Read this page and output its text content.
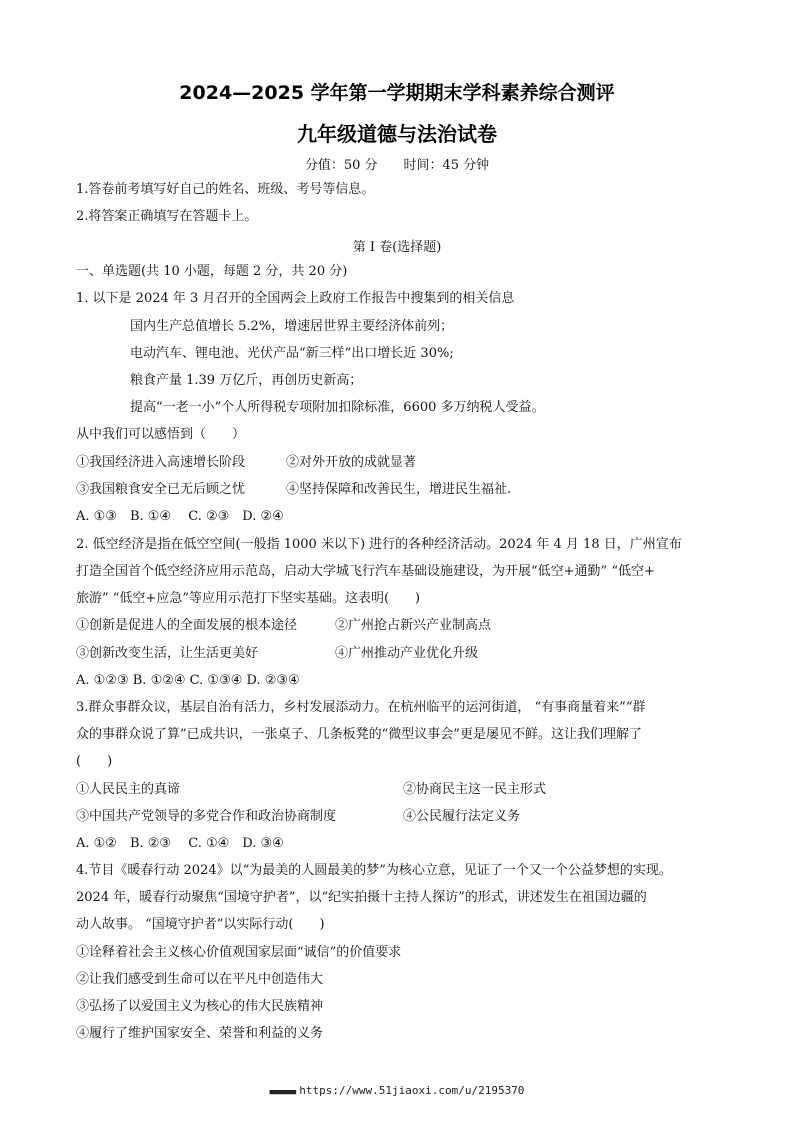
2024—2025 学年第一学期期末学科素养综合测评
九年级道德与法治试卷
分值：50 分　　时间：45 分钟
1.答卷前考填写好自己的姓名、班级、考号等信息。
2.将答案正确填写在答题卡上。
第 I 卷(选择题)
一、单选题(共 10 小题，每题 2 分，共 20 分)
1. 以下是 2024 年 3 月召开的全国两会上政府工作报告中搜集到的相关信息
国内生产总值增长 5.2%，增速居世界主要经济体前列；
电动汽车、锂电池、光伏产品“新三样”出口增长近 30%;
粮食产量 1.39 万亿斤，再创历史新高；
提高“一老一小”个人所得税专项附加扣除标准，6600 多万纳税人受益。
从中我们可以感悟到（　　）
①我国经济进入高速增长阶段	②对外开放的成就显著
③我国粮食安全已无后顾之忧	④坚持保障和改善民生，增进民生福祉.
A. ①③　B. ①④　 C. ②③　D. ②④
2. 低空经济是指在低空空间(一般指 1000 米以下) 进行的各种经济活动。2024 年 4 月 18 日，广州宣布
打造全国首个低空经济应用示范岛，启动大学城飞行汽车基础设施建设，为开展“低空+通勤” “低空+
旅游” “低空+应急”等应用示范打下坚实基础。这表明(　　)
①创新是促进人的全面发展的根本途径	②广州抢占新兴产业制高点
③创新改变生活，让生活更美好	④广州推动产业优化升级
A. ①②③ B. ①②④ C. ①③④ D. ②③④
3.群众事群众议，基层自治有活力，乡村发展添动力。在杭州临平的运河街道， “有事商量着来”“群
众的事群众说了算”已成共识，一张桌子、几条板凳的“微型议事会”更是屡见不鲜。这让我们理解了
(　　)
①人民民主的真谛	②协商民主这一民主形式
③中国共产党领导的多党合作和政治协商制度	④公民履行法定义务
A. ①②　B. ②③　 C. ①④　D. ③④
4.节目《暖春行动 2024》以“为最美的人圆最美的梦”为核心立意，见证了一个又一个公益梦想的实现。
2024 年，暖春行动聚焦“国境守护者”，以“纪实拍摄十主持人探访”的形式，讲述发生在祖国边疆的
动人故事。 “国境守护者”以实际行动(　　)
①诠释着社会主义核心价值观国家层面“诚信”的价值要求
②让我们感受到生命可以在平凡中创造伟大
③弘扬了以爱国主义为核心的伟大民族精神
④履行了维护国家安全、荣誉和利益的义务
■■■■■■■■ https://www.51jiaoxi.com/u/2195370
